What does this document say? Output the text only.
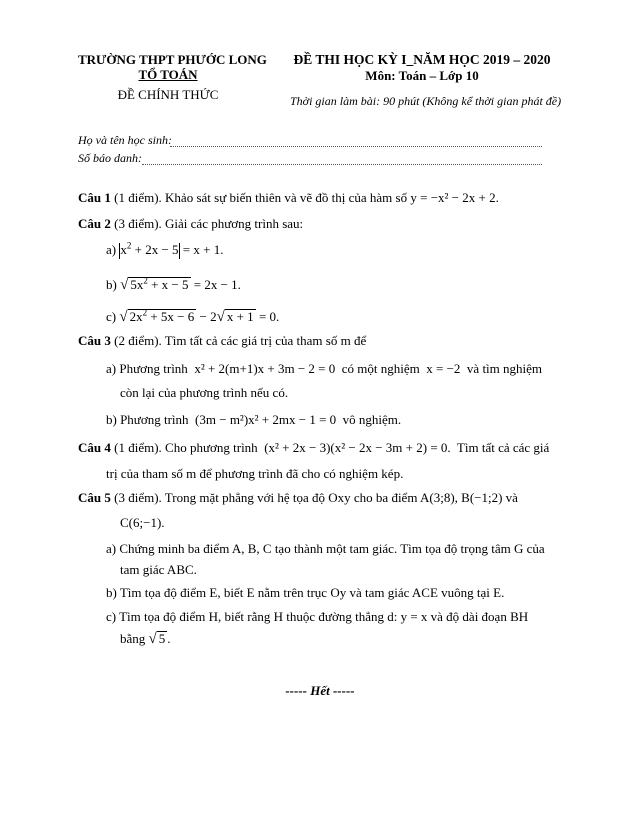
TRƯỜNG THPT PHƯỚC LONG
TỔ TOÁN
ĐỀ CHÍNH THỨC
ĐỀ THI HỌC KỲ I_NĂM HỌC 2019 – 2020
Môn: Toán – Lớp 10
Thời gian làm bài: 90 phút (Không kể thời gian phát đề)
Họ và tên học sinh:
Số báo danh:
Câu 1 (1 điểm). Khảo sát sự biến thiên và vẽ đồ thị của hàm số y = −x² − 2x + 2.
Câu 2 (3 điểm). Giải các phương trình sau:
a) $x^2 + 2x - 5 = x + 1$.
b) √ $5x^2 + x - 5 = 2x - 1$.
c) √ $2x^2 + 5x - 6 - 2√$ x + 1 = 0.
Câu 3 (2 điểm). Tìm tất cả các giá trị của tham số m để
a) Phương trình x² + 2(m+1)x + 3m − 2 = 0 có một nghiệm x = −2 và tìm nghiệm
còn lại của phương trình nếu có.
b) Phương trình (3m − m²)x² + 2mx − 1 = 0 vô nghiệm.
Câu 4 (1 điểm). Cho phương trình (x² + 2x − 3)(x² − 2x − 3m + 2) = 0. Tìm tất cả các giá
trị của tham số m để phương trình đã cho có nghiệm kép.
Câu 5 (3 điểm). Trong mặt phẳng với hệ tọa độ Oxy cho ba điểm A(3;8), B(−1;2) và
C(6;−1).
a) Chứng minh ba điểm A, B, C tạo thành một tam giác. Tìm tọa độ trọng tâm G của
tam giác ABC.
b) Tìm tọa độ điểm E, biết E nằm trên trục Oy và tam giác ACE vuông tại E.
c) Tìm tọa độ điểm H, biết rằng H thuộc đường thẳng d: y = x và độ dài đoạn BH
bằng √ 5 .
----- Hết -----
